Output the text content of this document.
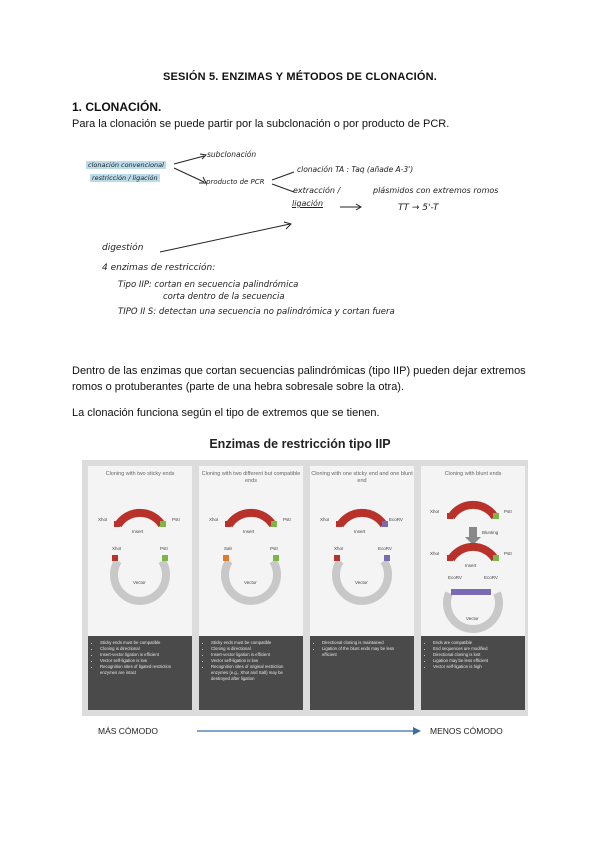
SESIÓN 5. ENZIMAS Y MÉTODOS DE CLONACIÓN.
1. CLONACIÓN.
Para la clonación se puede partir por la subclonación o por producto de PCR.
clonación convencional
restricción / ligación
subclonación
producto de PCR
clonación TA : Taq (añade A-3')
extracción /
ligación
plásmidos con extremos romos
TT → 5'-T
digestión
4 enzimas de restricción:
Tipo IIP: cortan en secuencia palindrómica
corta dentro de la secuencia
TIPO II S: detectan una secuencia no palindrómica y cortan fuera
Dentro de las enzimas que cortan secuencias palindrómicas (tipo IIP) pueden dejar extremos romos o protuberantes (parte de una hebra sobresale sobre la otra).
La clonación funciona según el tipo de extremos que se tienen.
Enzimas de restricción tipo IIP
Cloning with two sticky ends
XhoI	PstI
Insert
XhoI	PstI
Vector
• Sticky ends must be compatible
• Cloning is directional
• Insert-vector ligation is efficient
• Vector self-ligation is low
• Recognition sites of ligated restriction enzymes are intact
Cloning with two different but compatible ends
XhoI	PstI
Insert
SalI	PstI
Vector
• Sticky ends must be compatible
• Cloning is directional
• Insert-vector ligation is efficient
• Vector self-ligation is low
• Recognition sites of original restriction enzymes (e.g., XhoI and SalI) may be destroyed after ligation
Cloning with one sticky end and one blunt end
XhoI	EcoRV
Insert
XhoI	EcoRV
Vector
• Directional cloning is maintained
• Ligation of the blunt ends may be less efficient
Cloning with blunt ends
XhoI	PstI
Blunting
XhoI	PstI
Insert
EcoRV	EcoRV
Vector
• Ends are compatible
• End sequences are modified
• Directional cloning is lost
• Ligation may be less efficient
• Vector self-ligation is high
MÁS CÓMODO	MENOS CÓMODO
